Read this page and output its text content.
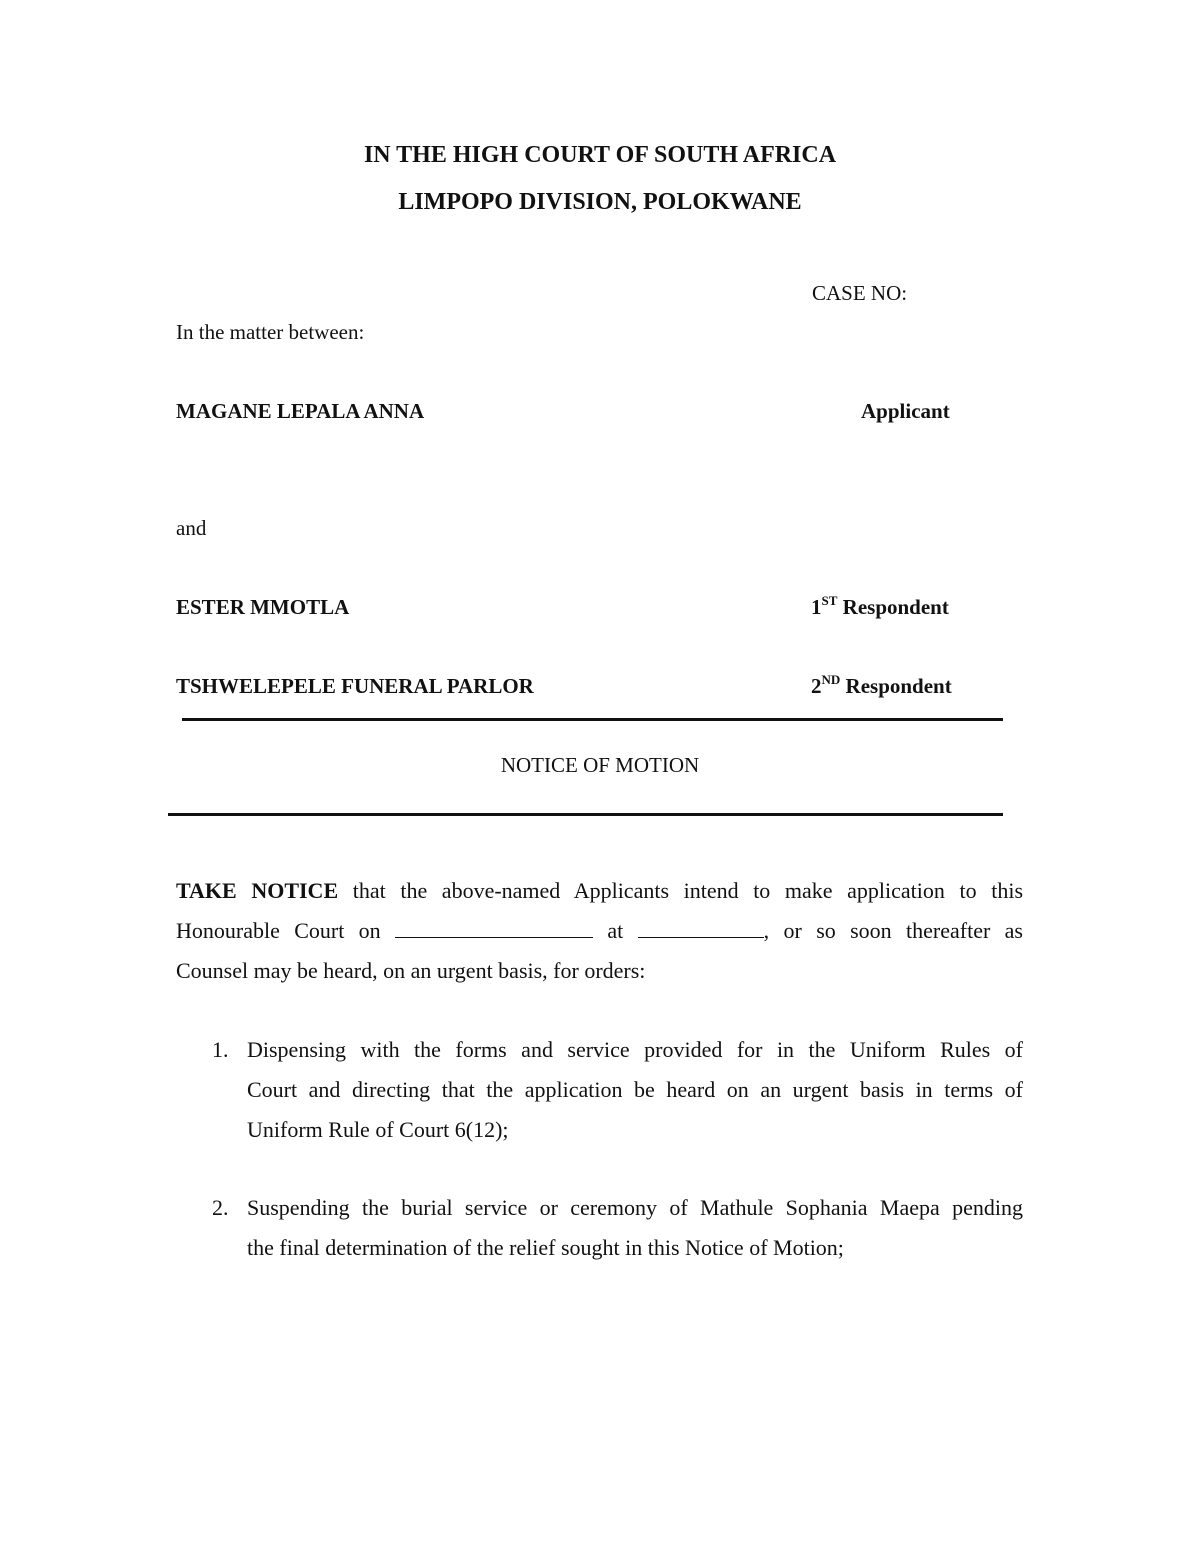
IN THE HIGH COURT OF SOUTH AFRICA
LIMPOPO DIVISION, POLOKWANE
CASE NO:
In the matter between:
MAGANE LEPALA ANNA	Applicant
and
ESTER MMOTLA	1ST Respondent
TSHWELEPELE FUNERAL PARLOR	2ND Respondent
NOTICE OF MOTION
TAKE NOTICE that the above-named Applicants intend to make application to this
Honourable Court on	at	, or so soon thereafter as
Counsel may be heard, on an urgent basis, for orders:
1. Dispensing with the forms and service provided for in the Uniform Rules of
Court and directing that the application be heard on an urgent basis in terms of
Uniform Rule of Court 6(12);
2. Suspending the burial service or ceremony of Mathule Sophania Maepa pending
the final determination of the relief sought in this Notice of Motion;
